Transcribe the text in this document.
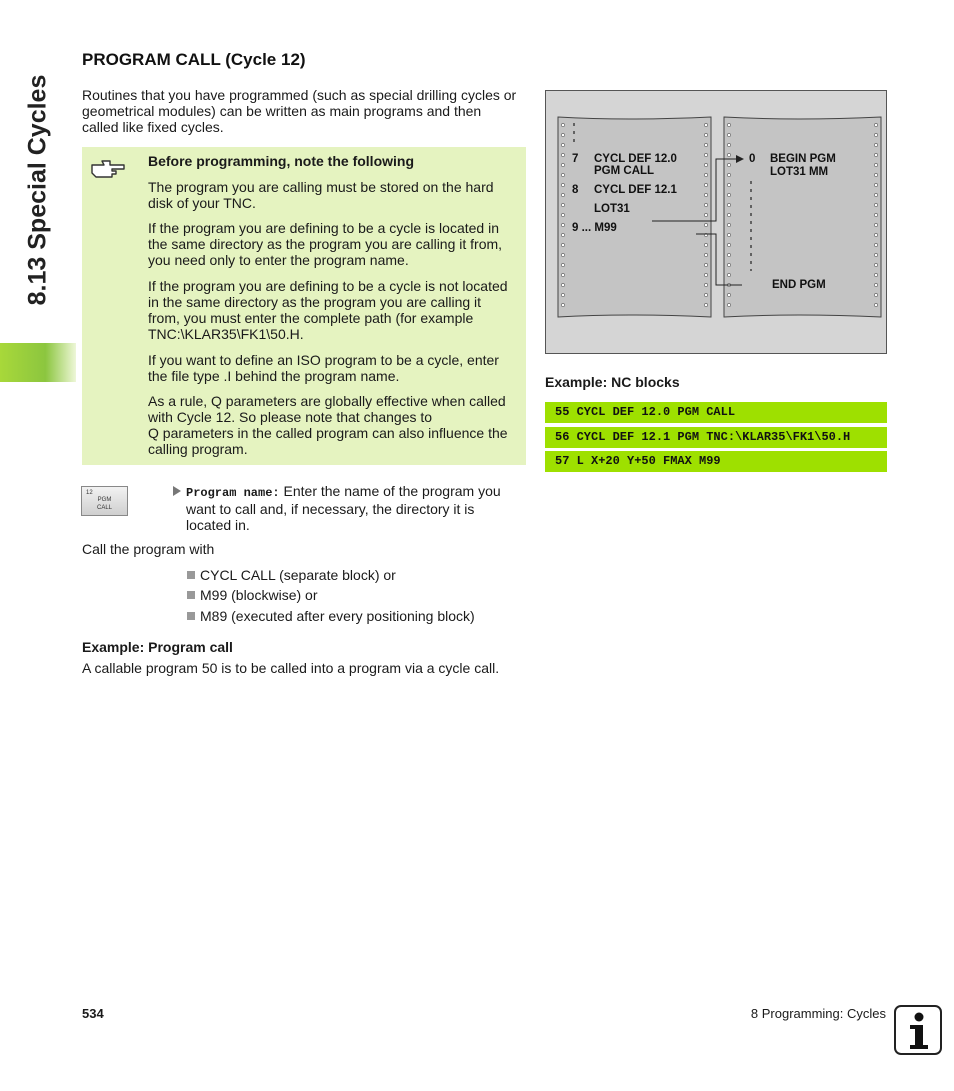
8.13 Special Cycles
PROGRAM CALL (Cycle 12)
Routines that you have programmed (such as special drilling cycles or
geometrical modules) can be written as main programs and then
called like fixed cycles.
Before programming, note the following
The program you are calling must be stored on the hard
disk of your TNC.
If the program you are defining to be a cycle is located in
the same directory as the program you are calling it from,
you need only to enter the program name.
If the program you are defining to be a cycle is not located
in the same directory as the program you are calling it
from, you must enter the complete path (for example
TNC:\KLAR35\FK1\50.H.
If you want to define an ISO program to be a cycle, enter
the file type .I behind the program name.
As a rule, Q parameters are globally effective when called
with Cycle 12. So please note that changes to
Q parameters in the called program can also influence the
calling program.
12
PGM
CALL
Program name: Enter the name of the program you
want to call and, if necessary, the directory it is
located in.
Call the program with
CYCL CALL (separate block) or
M99 (blockwise) or
M89 (executed after every positioning block)
Example: Program call
A callable program 50 is to be called into a program via a cycle call.
7 CYCL DEF 12.0
PGM CALL
8 CYCL DEF 12.1
LOT31
9 ... M99
0 BEGIN PGM
LOT31 MM
END PGM
Example: NC blocks
55 CYCL DEF 12.0 PGM CALL
56 CYCL DEF 12.1 PGM TNC:\KLAR35\FK1\50.H
57 L X+20 Y+50 FMAX M99
534	8 Programming: Cycles
